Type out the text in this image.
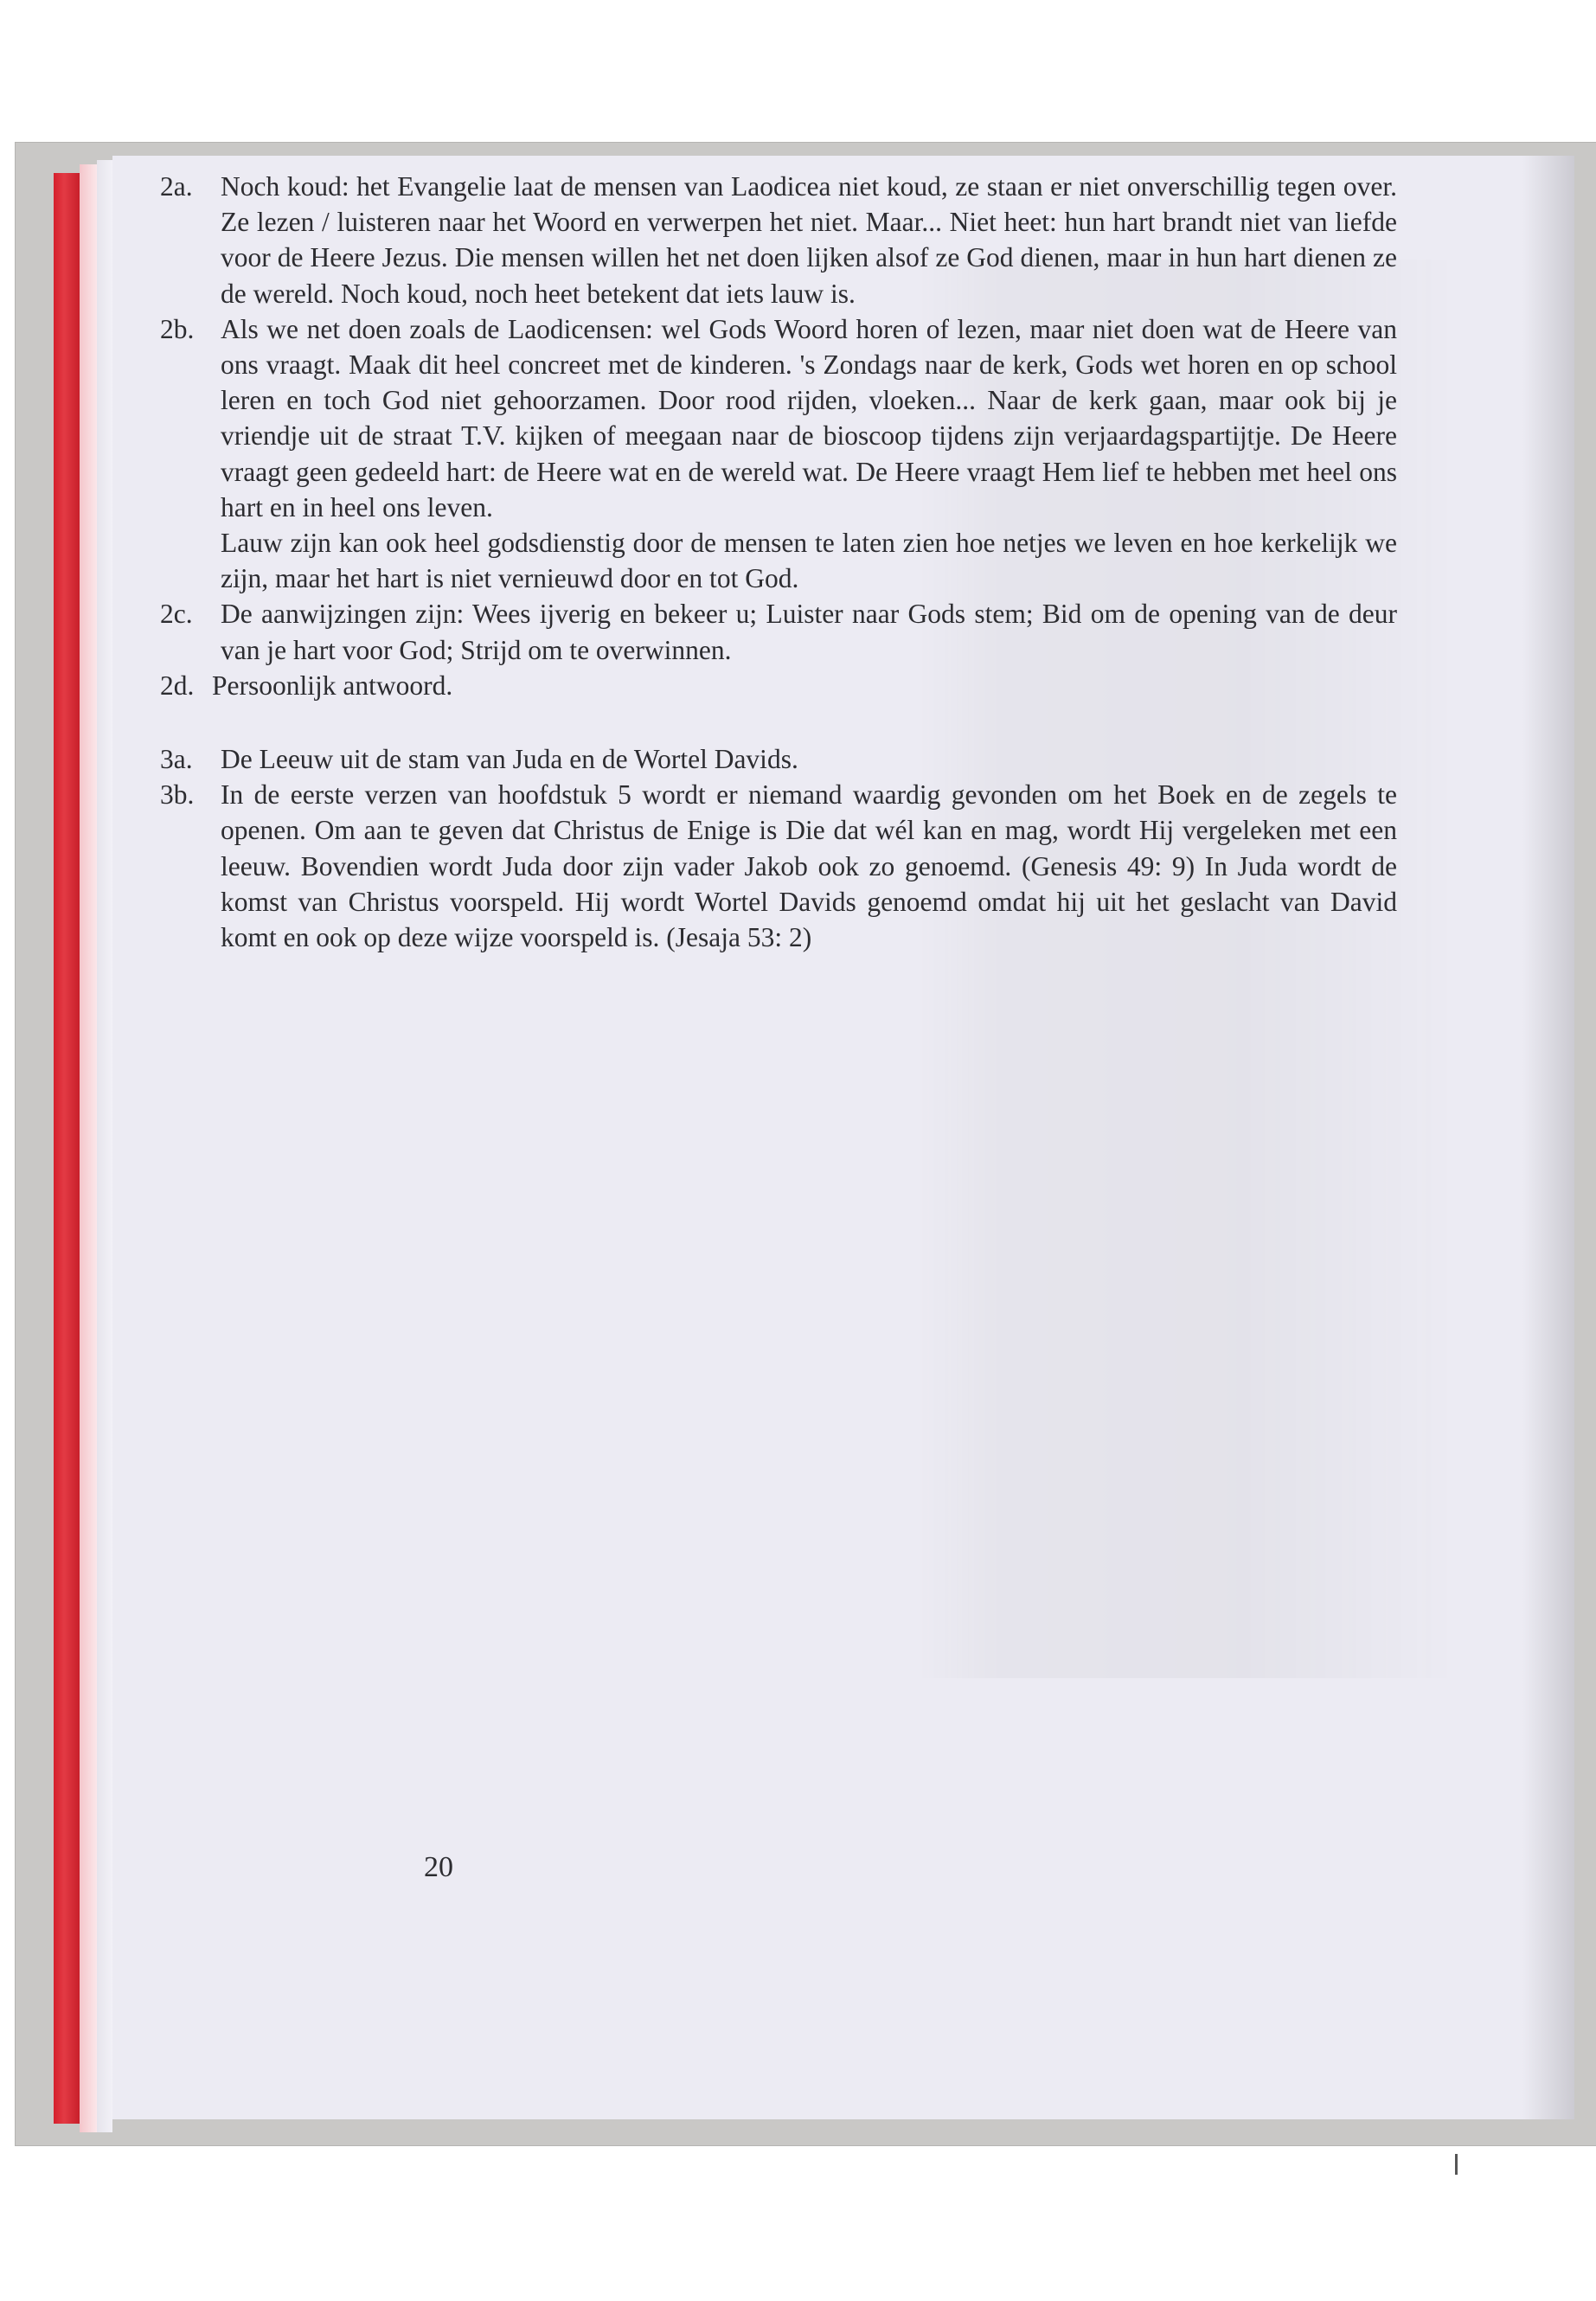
2a. Noch koud: het Evangelie laat de mensen van Laodicea niet koud, ze staan er niet onverschillig tegen over. Ze lezen / luisteren naar het Woord en verwerpen het niet. Maar... Niet heet: hun hart brandt niet van liefde voor de Heere Jezus. Die mensen willen het net doen lijken alsof ze God dienen, maar in hun hart dienen ze de wereld. Noch koud, noch heet betekent dat iets lauw is.
2b. Als we net doen zoals de Laodicensen: wel Gods Woord horen of lezen, maar niet doen wat de Heere van ons vraagt. Maak dit heel concreet met de kinderen. 's Zondags naar de kerk, Gods wet horen en op school leren en toch God niet gehoorzamen. Door rood rijden, vloeken... Naar de kerk gaan, maar ook bij je vriendje uit de straat T.V. kijken of meegaan naar de bioscoop tijdens zijn verjaardagspartijtje. De Heere vraagt geen gedeeld hart: de Heere wat en de wereld wat. De Heere vraagt Hem lief te hebben met heel ons hart en in heel ons leven.
Lauw zijn kan ook heel godsdienstig door de mensen te laten zien hoe netjes we leven en hoe kerkelijk we zijn, maar het hart is niet vernieuwd door en tot God.
2c. De aanwijzingen zijn: Wees ijverig en bekeer u; Luister naar Gods stem; Bid om de opening van de deur van je hart voor God; Strijd om te overwinnen.
2d. Persoonlijk antwoord.
3a. De Leeuw uit de stam van Juda en de Wortel Davids.
3b. In de eerste verzen van hoofdstuk 5 wordt er niemand waardig gevonden om het Boek en de zegels te openen. Om aan te geven dat Christus de Enige is Die dat wél kan en mag, wordt Hij vergeleken met een leeuw. Bovendien wordt Juda door zijn vader Jakob ook zo genoemd. (Genesis 49: 9) In Juda wordt de komst van Christus voorspeld. Hij wordt Wortel Davids genoemd omdat hij uit het geslacht van David komt en ook op deze wijze voorspeld is. (Jesaja 53: 2)
20
